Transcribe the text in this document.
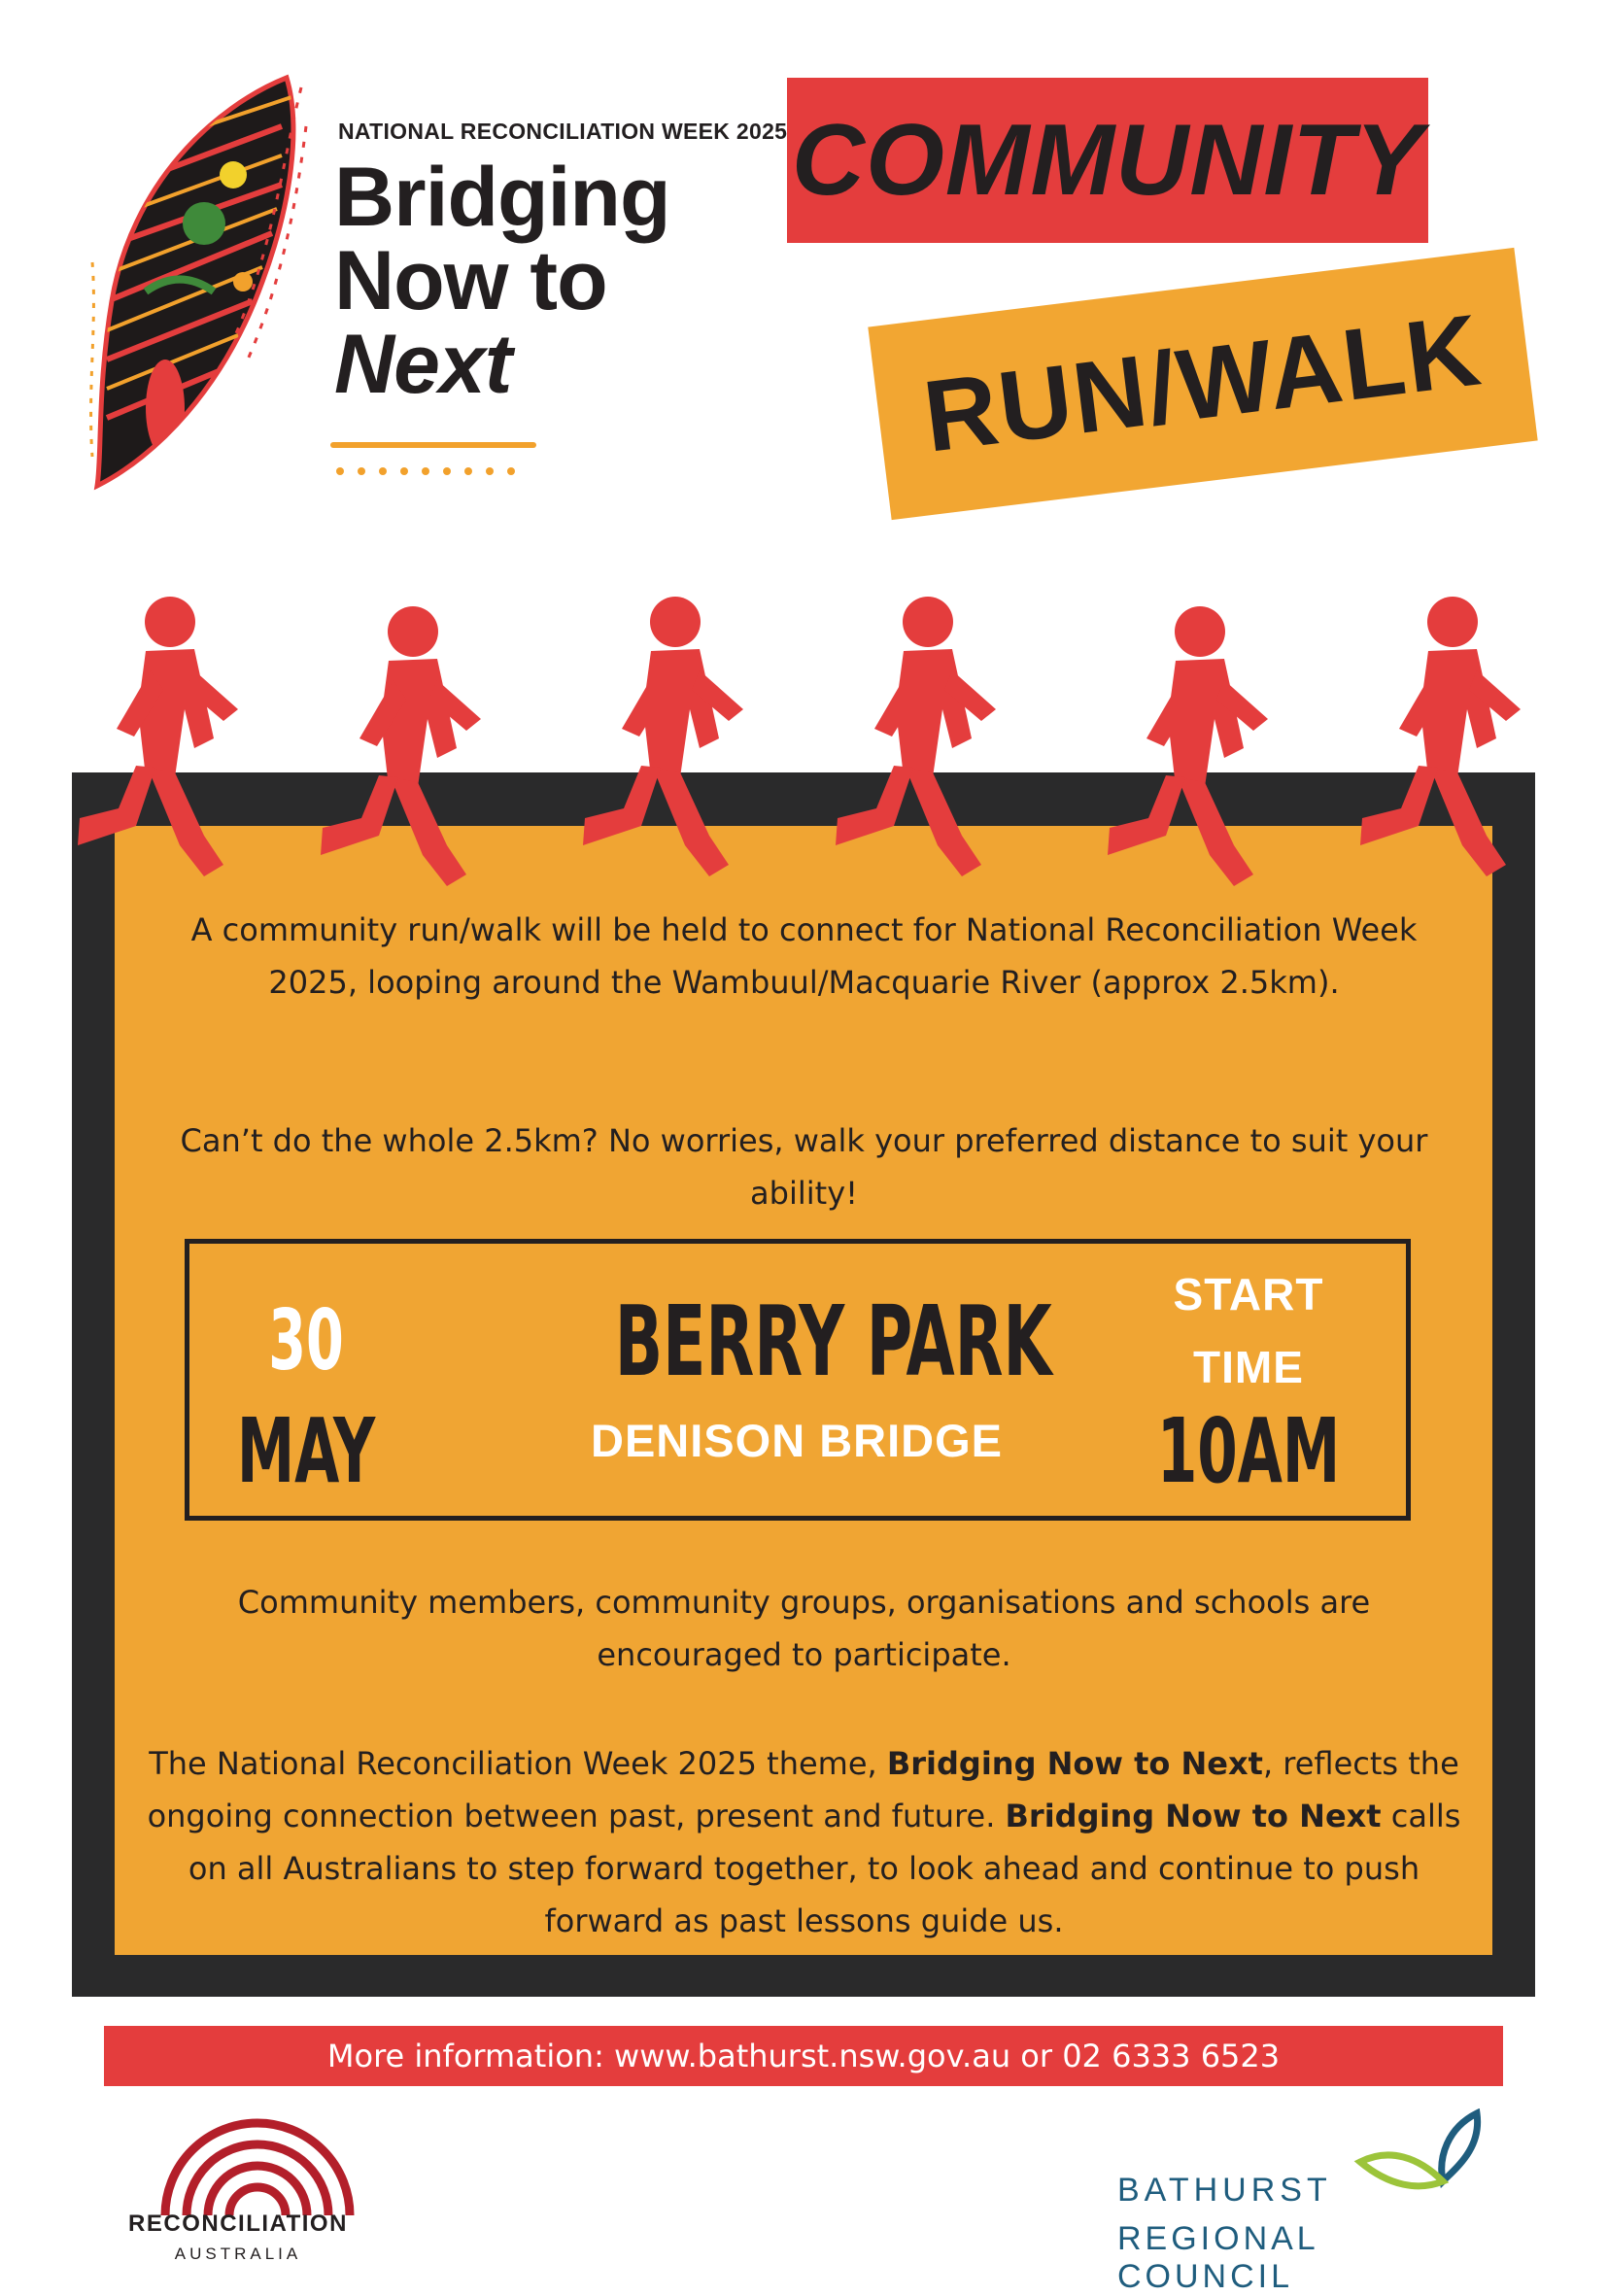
NATIONAL RECONCILIATION WEEK 2025
Bridging
Now to
Next
COMMUNITY
RUN/WALK
A community run/walk will be held to connect for National Reconciliation Week 2025, looping around the Wambuul/Macquarie River (approx 2.5km).
Can’t do the whole 2.5km? No worries, walk your preferred distance to suit your ability!
30
MAY
BERRY PARK
DENISON BRIDGE
START
TIME
10AM
Community members, community groups, organisations and schools are encouraged to participate.
The National Reconciliation Week 2025 theme, Bridging Now to Next, reflects the ongoing connection between past, present and future. Bridging Now to Next calls on all Australians to step forward together, to look ahead and continue to push forward as past lessons guide us.
More information: www.bathurst.nsw.gov.au or 02 6333 6523
RECONCILIATION
AUSTRALIA
BATHURST
REGIONAL COUNCIL
